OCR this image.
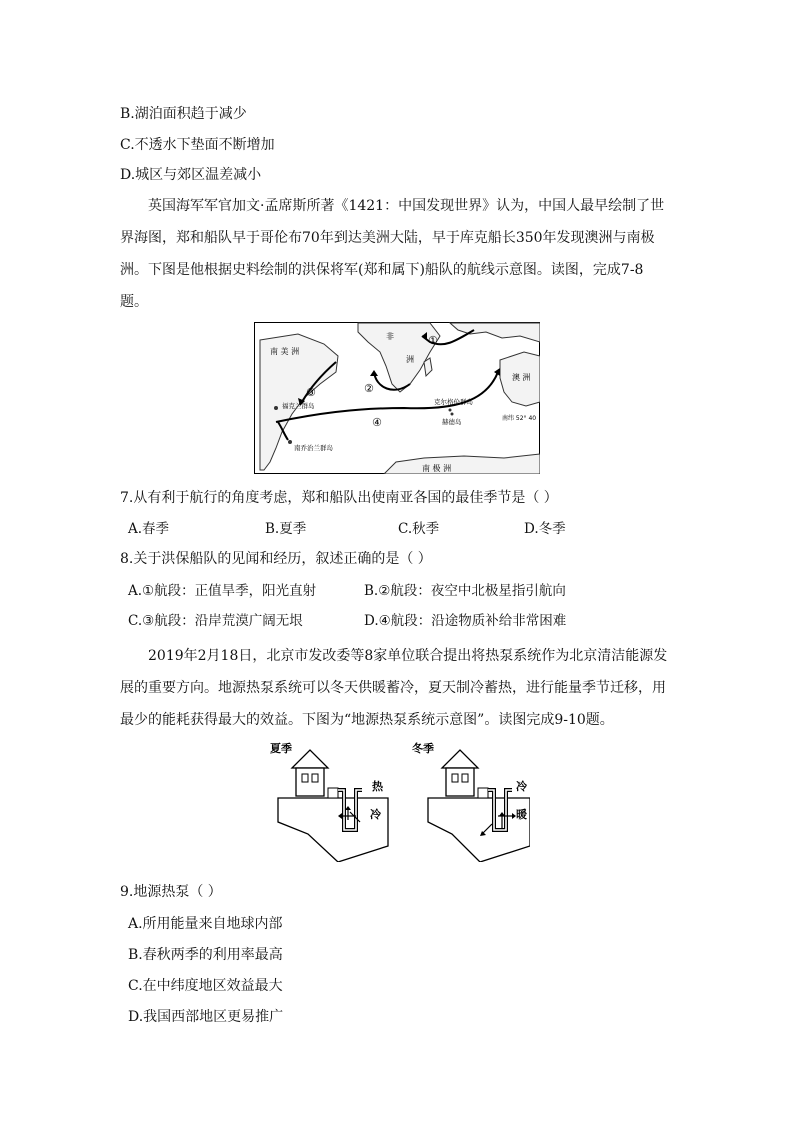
B.湖泊面积趋于减少
C.不透水下垫面不断增加
D.城区与郊区温差减小
英国海军军官加文·孟席斯所著《1421：中国发现世界》认为，中国人最早绘制了世界海图，郑和船队早于哥伦布70年到达美洲大陆，早于库克船长350年发现澳洲与南极洲。下图是他根据史料绘制的洪保将军(郑和属下)船队的航线示意图。读图，完成7-8题。
非
洲
南 美 洲
澳 洲
南 极 洲
福克兰群岛
南乔治兰群岛
克尔格伦群岛
赫德岛	南纬 52° 40
①
②
③
④
7.从有利于航行的角度考虑，郑和船队出使南亚各国的最佳季节是（ ）
A.春季	B.夏季	C.秋季	D.冬季
8.关于洪保船队的见闻和经历，叙述正确的是（ ）
A.①航段：正值旱季，阳光直射	B.②航段：夜空中北极星指引航向
C.③航段：沿岸荒漠广阔无垠	D.④航段：沿途物质补给非常困难
2019年2月18日，北京市发改委等8家单位联合提出将热泵系统作为北京清洁能源发展的重要方向。地源热泵系统可以冬天供暖蓄冷，夏天制冷蓄热，进行能量季节迁移，用最少的能耗获得最大的效益。下图为“地源热泵系统示意图”。读图完成9-10题。
夏季
热
冷
冬季
冷
暖
9.地源热泵（ ）
A.所用能量来自地球内部
B.春秋两季的利用率最高
C.在中纬度地区效益最大
D.我国西部地区更易推广
